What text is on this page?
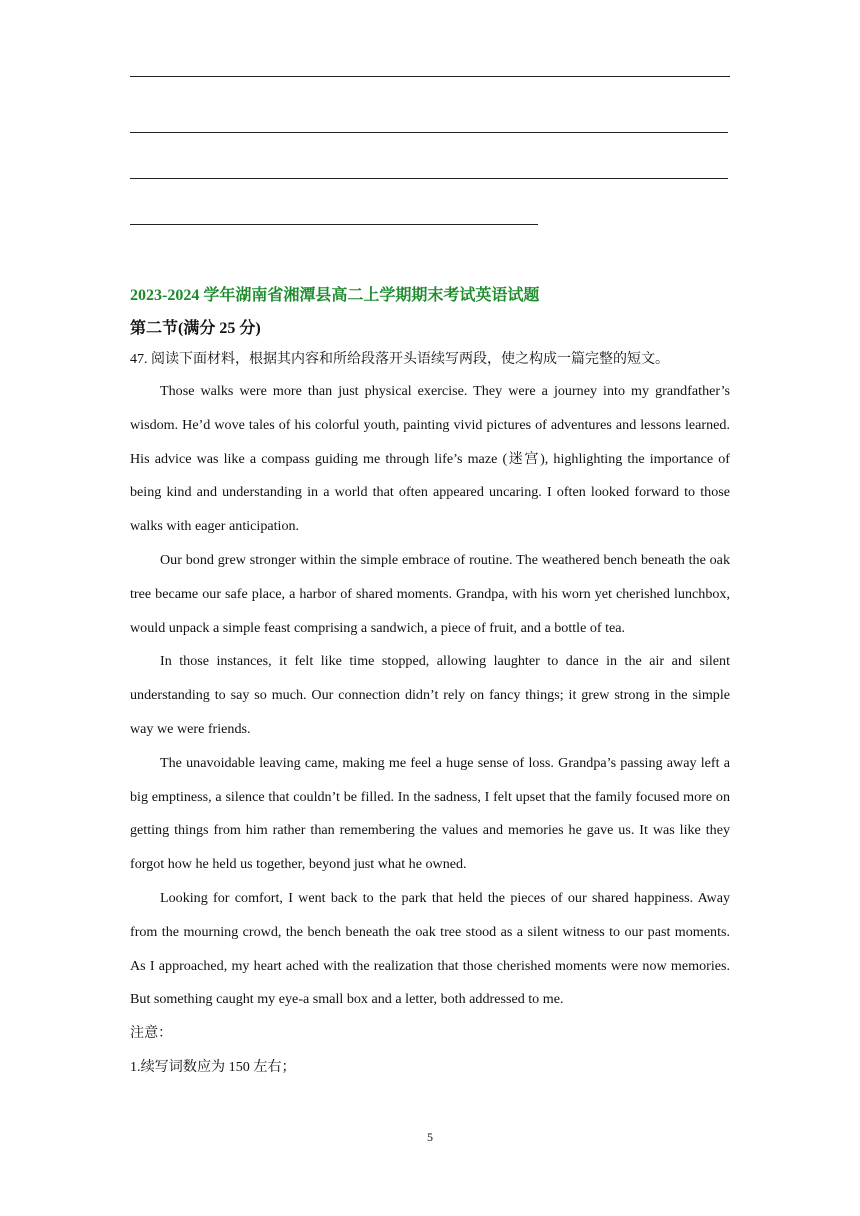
2023-2024 学年湖南省湘潭县高二上学期期末考试英语试题
第二节(满分 25 分)
47. 阅读下面材料，根据其内容和所给段落开头语续写两段，使之构成一篇完整的短文。

Those walks were more than just physical exercise. They were a journey into my grandfather’s wisdom. He’d wove tales of his colorful youth, painting vivid pictures of adventures and lessons learned. His advice was like a compass guiding me through life’s maze (迷宫), highlighting the importance of being kind and understanding in a world that often appeared uncaring. I often looked forward to those walks with eager anticipation.

Our bond grew stronger within the simple embrace of routine. The weathered bench beneath the oak tree became our safe place, a harbor of shared moments. Grandpa, with his worn yet cherished lunchbox, would unpack a simple feast comprising a sandwich, a piece of fruit, and a bottle of tea.

In those instances, it felt like time stopped, allowing laughter to dance in the air and silent understanding to say so much. Our connection didn’t rely on fancy things; it grew strong in the simple way we were friends.

The unavoidable leaving came, making me feel a huge sense of loss. Grandpa’s passing away left a big emptiness, a silence that couldn’t be filled. In the sadness, I felt upset that the family focused more on getting things from him rather than remembering the values and memories he gave us. It was like they forgot how he held us together, beyond just what he owned.

Looking for comfort, I went back to the park that held the pieces of our shared happiness. Away from the mourning crowd, the bench beneath the oak tree stood as a silent witness to our past moments. As I approached, my heart ached with the realization that those cherished moments were now memories. But something caught my eye-a small box and a letter, both addressed to me.

注意：

1.续写词数应为 150 左右；

5
